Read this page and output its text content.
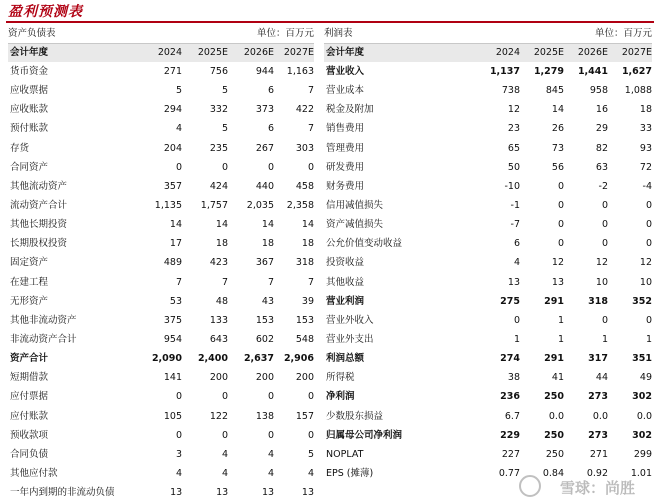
盈利预测表
资产负债表	单位：百万元
会计年度	2024	2025E	2026E	2027E
货币资金	271	756	944	1,163
应收票据	5	5	6	7
应收账款	294	332	373	422
预付账款	4	5	6	7
存货	204	235	267	303
合同资产	0	0	0	0
其他流动资产	357	424	440	458
流动资产合计	1,135	1,757	2,035	2,358
其他长期投资	14	14	14	14
长期股权投资	17	18	18	18
固定资产	489	423	367	318
在建工程	7	7	7	7
无形资产	53	48	43	39
其他非流动资产	375	133	153	153
非流动资产合计	954	643	602	548
资产合计	2,090	2,400	2,637	2,906
短期借款	141	200	200	200
应付票据	0	0	0	0
应付账款	105	122	138	157
预收款项	0	0	0	0
合同负债	3	4	4	5
其他应付款	4	4	4	4
一年内到期的非流动负债	13	13	13	13
利润表	单位：百万元
会计年度	2024	2025E	2026E	2027E
营业收入	1,137	1,279	1,441	1,627
营业成本	738	845	958	1,088
税金及附加	12	14	16	18
销售费用	23	26	29	33
管理费用	65	73	82	93
研发费用	50	56	63	72
财务费用	-10	0	-2	-4
信用减值损失	-1	0	0	0
资产减值损失	-7	0	0	0
公允价值变动收益	6	0	0	0
投资收益	4	12	12	12
其他收益	13	13	10	10
营业利润	275	291	318	352
营业外收入	0	1	0	0
营业外支出	1	1	1	1
利润总额	274	291	317	351
所得税	38	41	44	49
净利润	236	250	273	302
少数股东损益	6.7	0.0	0.0	0.0
归属母公司净利润	229	250	273	302
NOPLAT	227	250	271	299
EPS (摊薄)	0.77	0.84	0.92	1.01
雪球：尚胜
